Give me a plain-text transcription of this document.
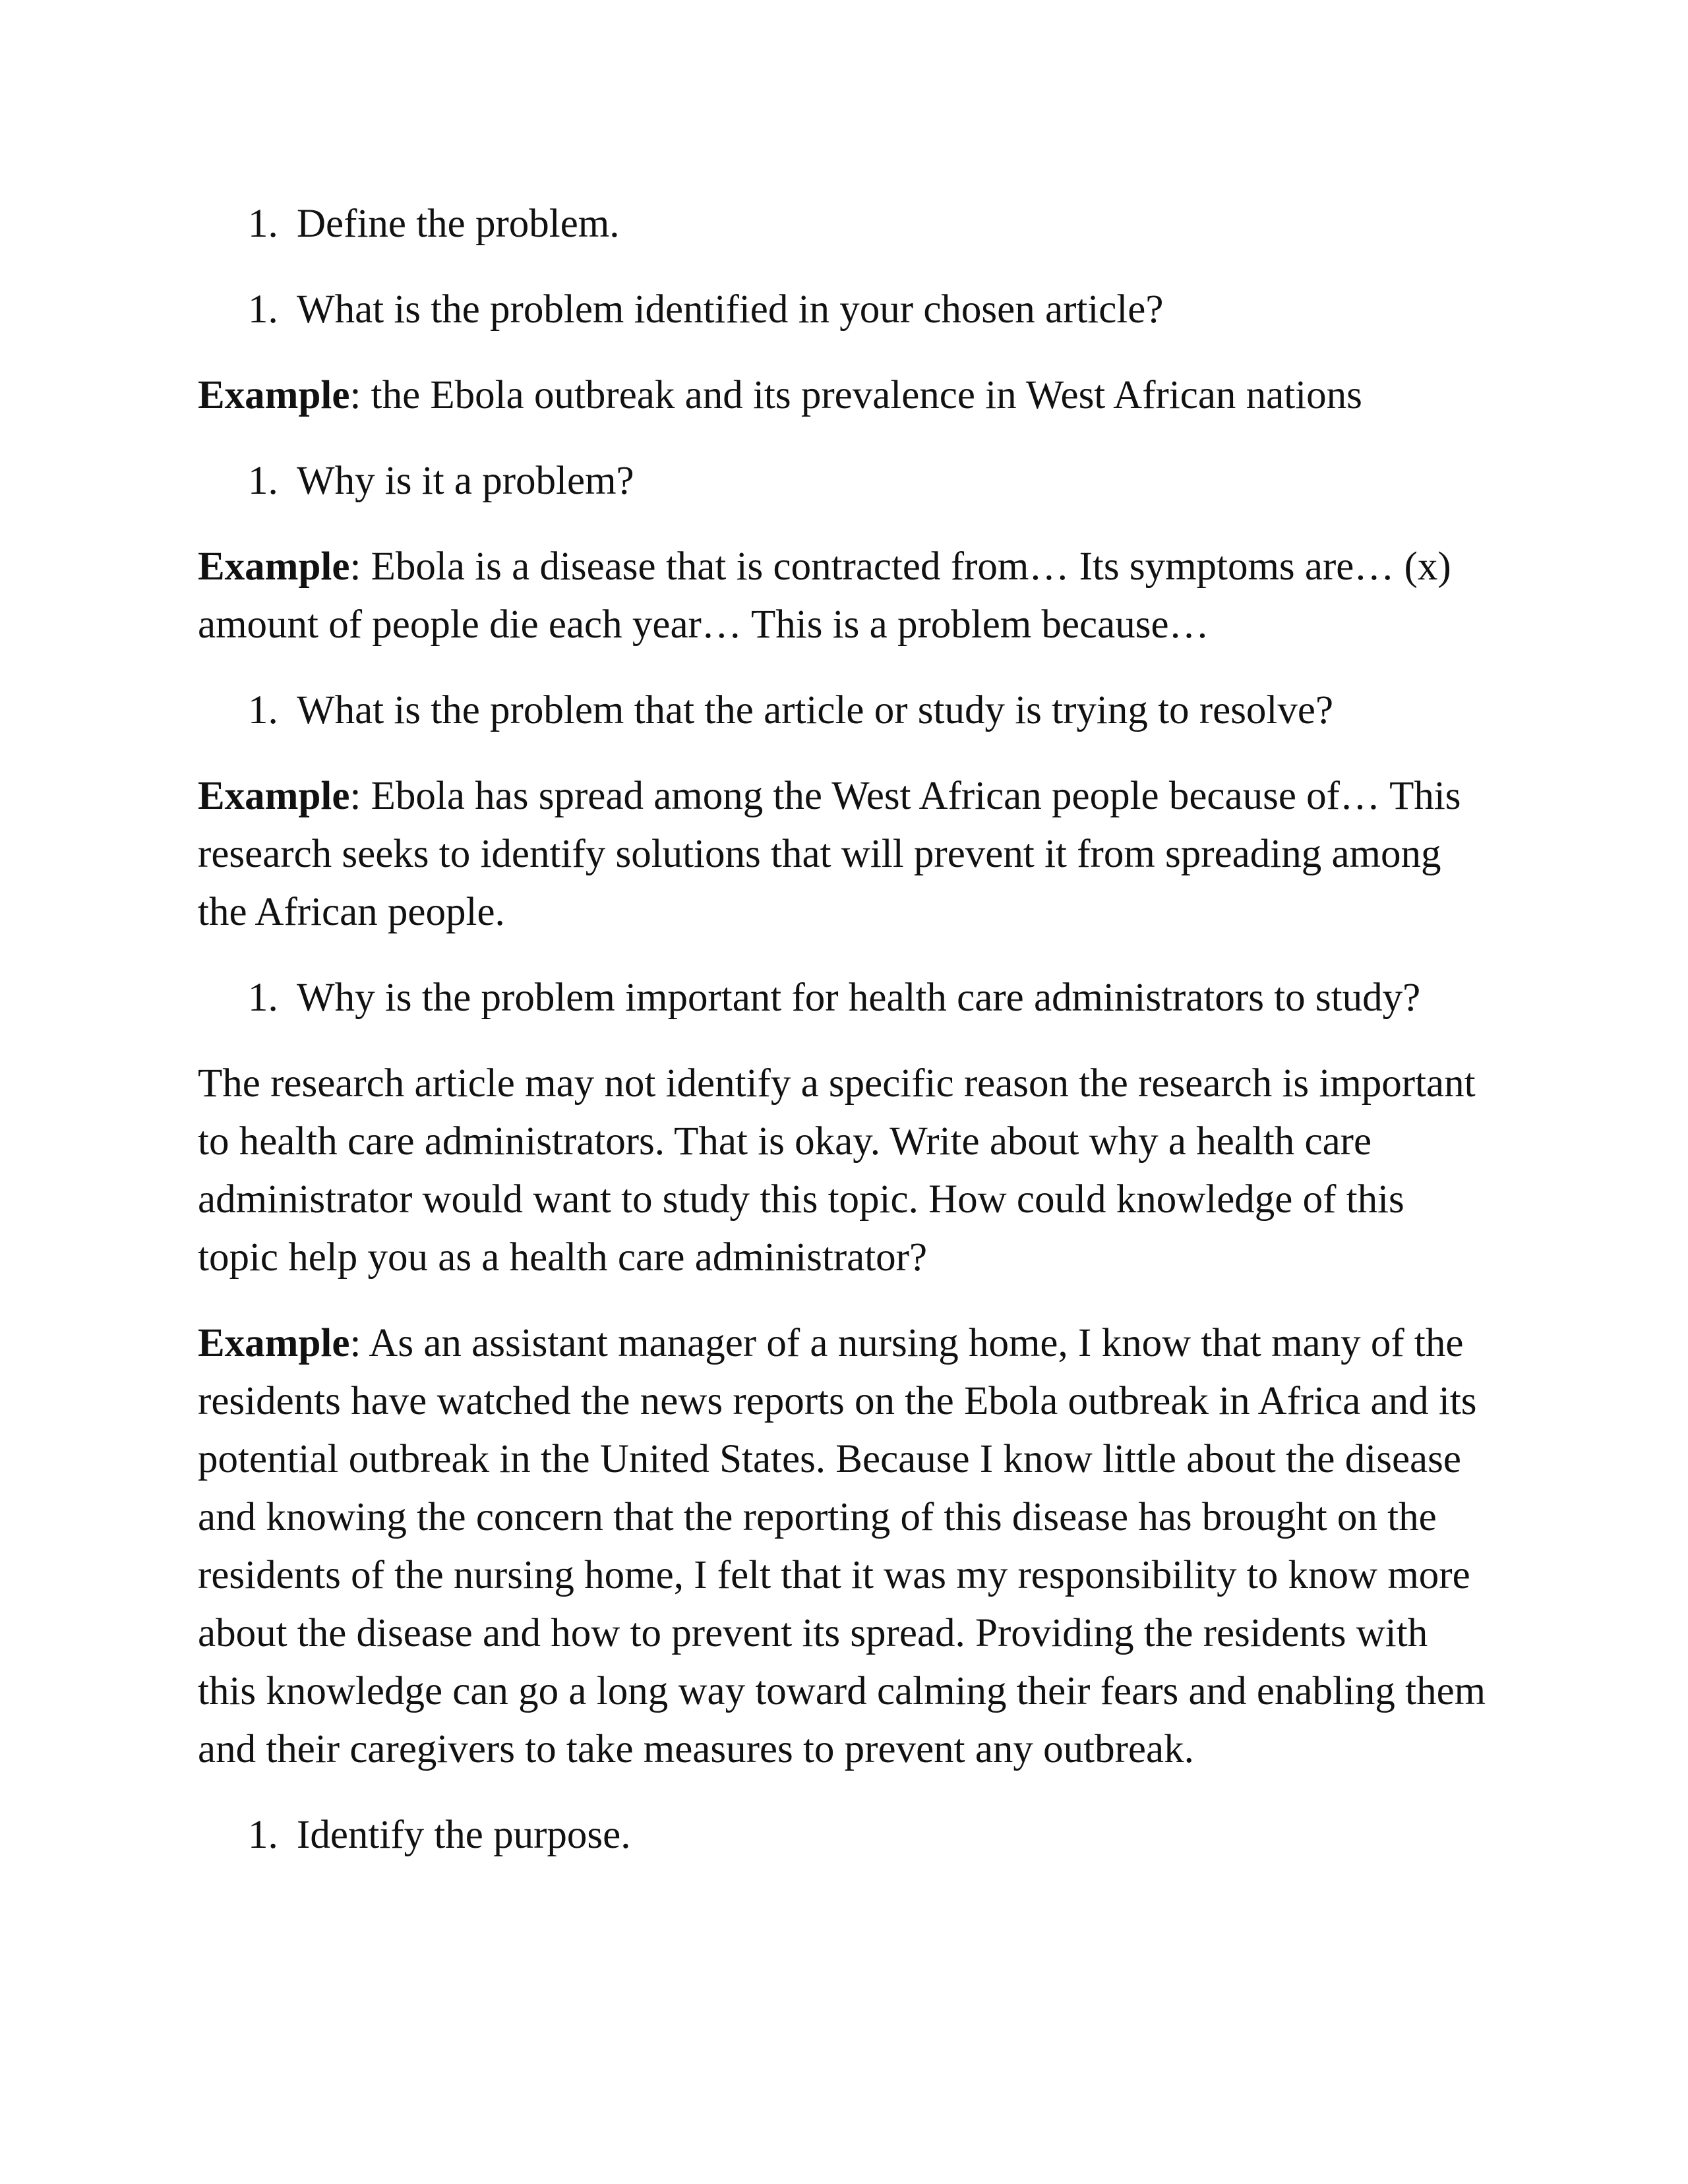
1. Define the problem.
1. What is the problem identified in your chosen article?

Example: the Ebola outbreak and its prevalence in West African nations

1. Why is it a problem?

Example: Ebola is a disease that is contracted from… Its symptoms are… (x) amount of people die each year… This is a problem because…

1. What is the problem that the article or study is trying to resolve?

Example: Ebola has spread among the West African people because of… This research seeks to identify solutions that will prevent it from spreading among the African people.

1. Why is the problem important for health care administrators to study?

The research article may not identify a specific reason the research is important to health care administrators. That is okay. Write about why a health care administrator would want to study this topic. How could knowledge of this topic help you as a health care administrator?

Example: As an assistant manager of a nursing home, I know that many of the residents have watched the news reports on the Ebola outbreak in Africa and its potential outbreak in the United States. Because I know little about the disease and knowing the concern that the reporting of this disease has brought on the residents of the nursing home, I felt that it was my responsibility to know more about the disease and how to prevent its spread. Providing the residents with this knowledge can go a long way toward calming their fears and enabling them and their caregivers to take measures to prevent any outbreak.

1. Identify the purpose.
